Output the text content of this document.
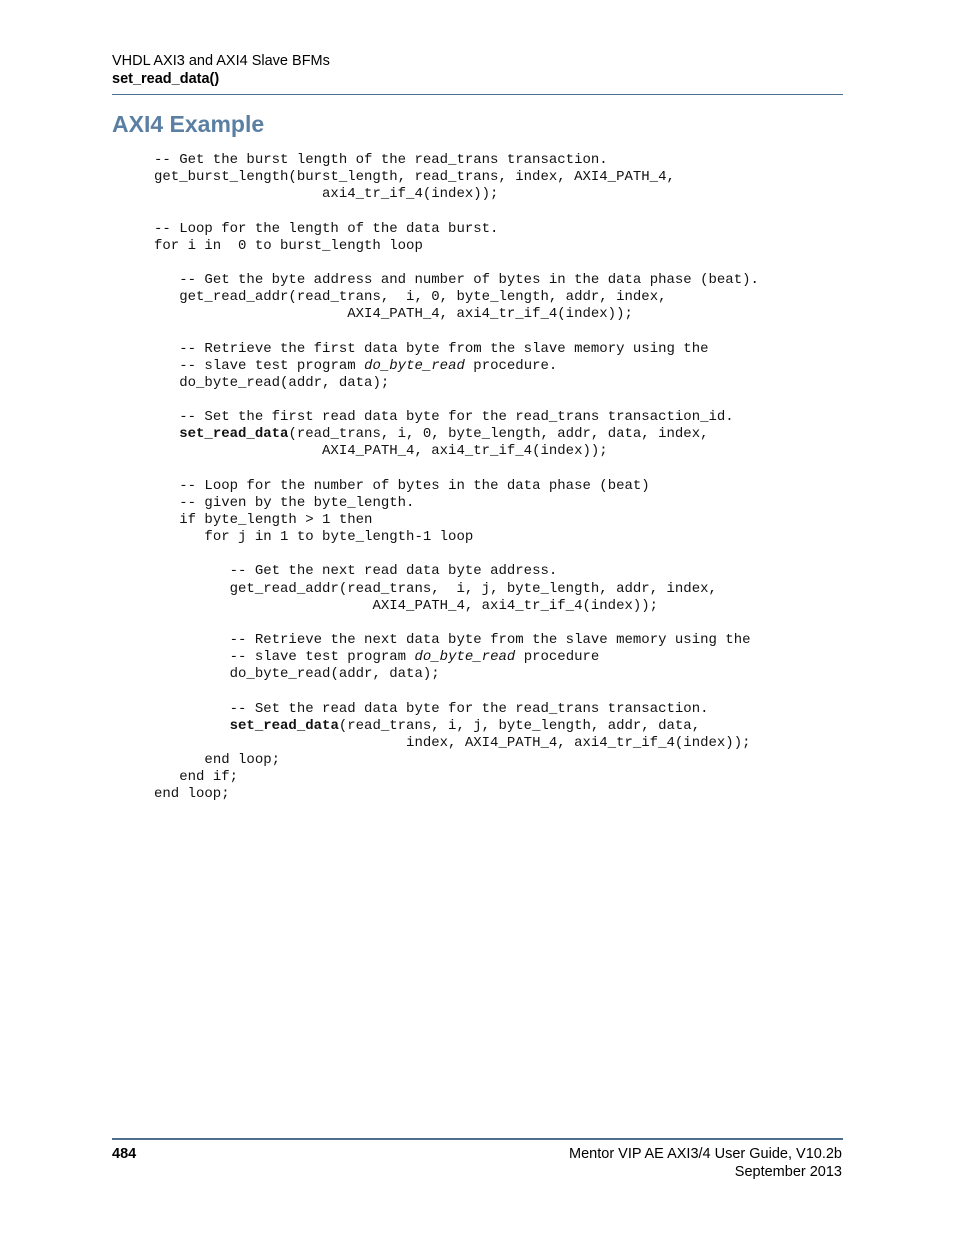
VHDL AXI3 and AXI4 Slave BFMs
set_read_data()
AXI4 Example
-- Get the burst length of the read_trans transaction.
get_burst_length(burst_length, read_trans, index, AXI4_PATH_4,
axi4_tr_if_4(index));
-- Loop for the length of the data burst.
for i in  0 to burst_length loop
-- Get the byte address and number of bytes in the data phase (beat).
get_read_addr(read_trans,  i, 0, byte_length, addr, index,
AXI4_PATH_4, axi4_tr_if_4(index));
-- Retrieve the first data byte from the slave memory using the
-- slave test program do_byte_read procedure.
do_byte_read(addr, data);
-- Set the first read data byte for the read_trans transaction_id.
set_read_data(read_trans, i, 0, byte_length, addr, data, index,
AXI4_PATH_4, axi4_tr_if_4(index));
-- Loop for the number of bytes in the data phase (beat)
-- given by the byte_length.
if byte_length > 1 then
for j in 1 to byte_length-1 loop
-- Get the next read data byte address.
get_read_addr(read_trans,  i, j, byte_length, addr, index,
AXI4_PATH_4, axi4_tr_if_4(index));
-- Retrieve the next data byte from the slave memory using the
-- slave test program do_byte_read procedure
do_byte_read(addr, data);
-- Set the read data byte for the read_trans transaction.
set_read_data(read_trans, i, j, byte_length, addr, data,
index, AXI4_PATH_4, axi4_tr_if_4(index));
end loop;
end if;
end loop;
484	Mentor VIP AE AXI3/4 User Guide, V10.2b
September 2013
